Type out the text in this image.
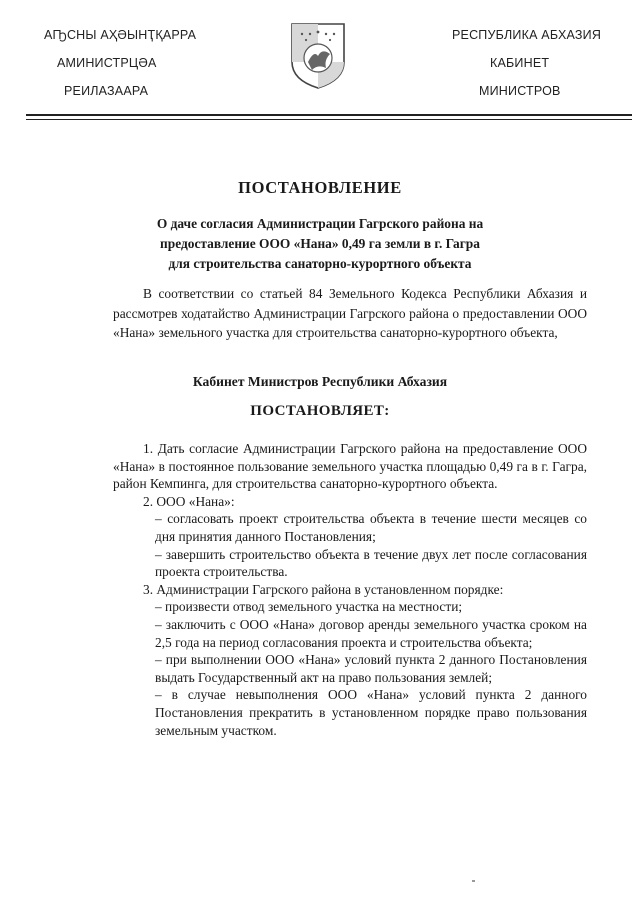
АҦСНЫ АҲӘЫНҬҚАРРА
АМИНИСТРЦӘА
РЕИЛАЗААРА
РЕСПУБЛИКА АБХАЗИЯ
КАБИНЕТ
МИНИСТРОВ
ПОСТАНОВЛЕНИЕ
О даче согласия Администрации Гагрского района на
предоставление ООО «Нана» 0,49 га земли в г. Гагра
для строительства санаторно-курортного объекта
В соответствии со статьей 84 Земельного Кодекса Республики Абхазия и рассмотрев ходатайство Администрации Гагрского района о предоставлении ООО «Нана» земельного участка для строительства санаторно-курортного объекта,
Кабинет Министров Республики Абхазия
ПОСТАНОВЛЯЕТ:
1. Дать согласие Администрации Гагрского района на предоставление ООО «Нана» в постоянное пользование земельного участка площадью 0,49 га в г. Гагра, район Кемпинга, для строительства санаторно-курортного объекта.
2. ООО «Нана»:
– согласовать проект строительства объекта в течение шести месяцев со дня принятия данного Постановления;
– завершить строительство объекта в течение двух лет после согласования проекта строительства.
3. Администрации Гагрского района в установленном порядке:
– произвести отвод земельного участка на местности;
– заключить с ООО «Нана» договор аренды земельного участка сроком на 2,5 года на период согласования проекта и строительства объекта;
– при выполнении ООО «Нана» условий пункта 2 данного Постановления выдать Государственный акт на право пользования землей;
– в случае невыполнения ООО «Нана» условий пункта 2 данного Постановления прекратить в установленном порядке право пользования земельным участком.
